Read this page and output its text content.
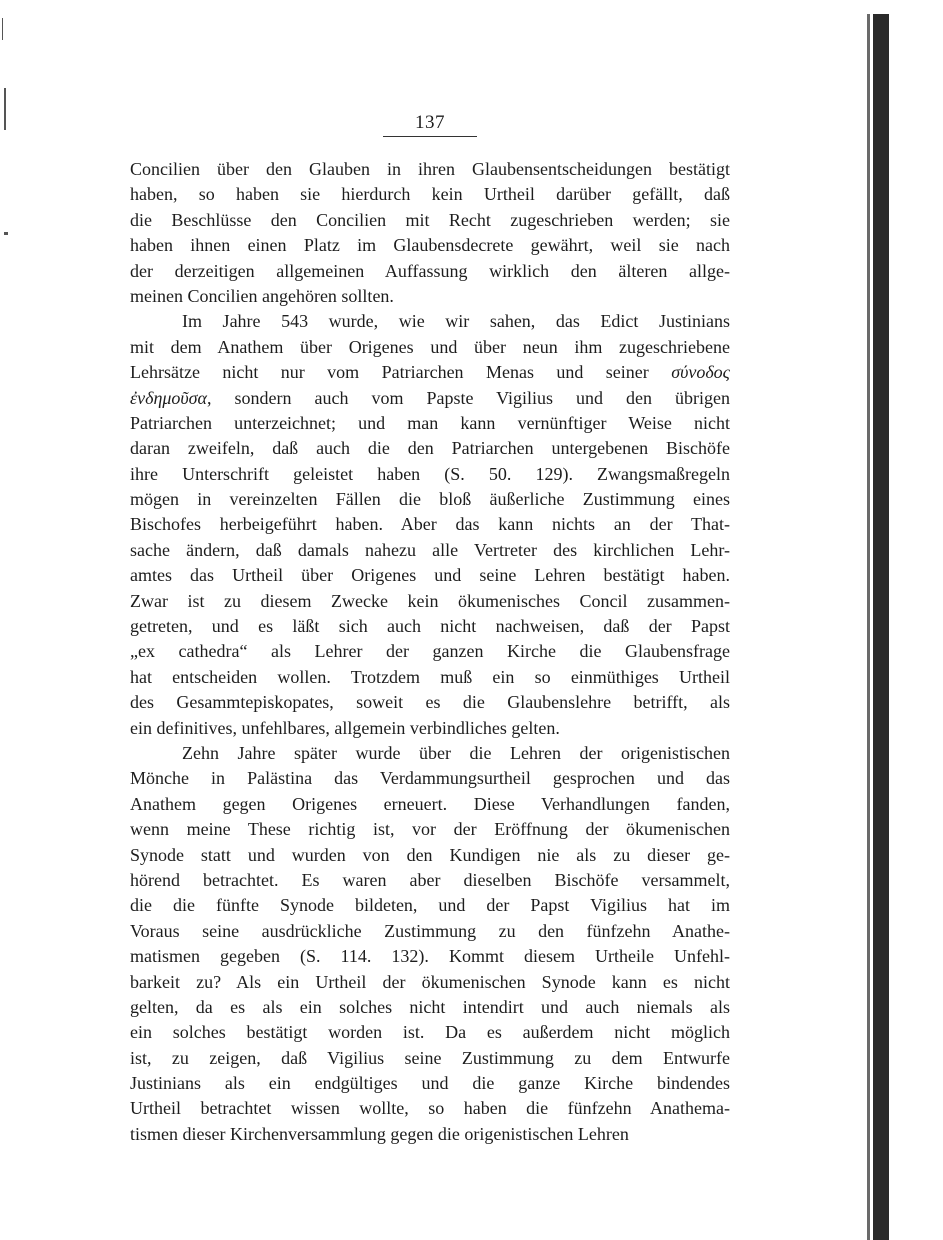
137
Concilien über den Glauben in ihren Glaubensentscheidungen bestätigt
haben, so haben sie hierdurch kein Urtheil darüber gefällt, daß
die Beschlüsse den Concilien mit Recht zugeschrieben werden; sie
haben ihnen einen Platz im Glaubensdecrete gewährt, weil sie nach
der derzeitigen allgemeinen Auffassung wirklich den älteren allge-
meinen Concilien angehören sollten.
Im Jahre 543 wurde, wie wir sahen, das Edict Justinians
mit dem Anathem über Origenes und über neun ihm zugeschriebene
Lehrsätze nicht nur vom Patriarchen Menas und seiner σύνοδος
ἐνδημοῦσα, sondern auch vom Papste Vigilius und den übrigen
Patriarchen unterzeichnet; und man kann vernünftiger Weise nicht
daran zweifeln, daß auch die den Patriarchen untergebenen Bischöfe
ihre Unterschrift geleistet haben (S. 50. 129). Zwangsmaßregeln
mögen in vereinzelten Fällen die bloß äußerliche Zustimmung eines
Bischofes herbeigeführt haben. Aber das kann nichts an der That-
sache ändern, daß damals nahezu alle Vertreter des kirchlichen Lehr-
amtes das Urtheil über Origenes und seine Lehren bestätigt haben.
Zwar ist zu diesem Zwecke kein ökumenisches Concil zusammen-
getreten, und es läßt sich auch nicht nachweisen, daß der Papst
„ex cathedra“ als Lehrer der ganzen Kirche die Glaubensfrage
hat entscheiden wollen. Trotzdem muß ein so einmüthiges Urtheil
des Gesammtepiskopates, soweit es die Glaubenslehre betrifft, als
ein definitives, unfehlbares, allgemein verbindliches gelten.
Zehn Jahre später wurde über die Lehren der origenistischen
Mönche in Palästina das Verdammungsurtheil gesprochen und das
Anathem gegen Origenes erneuert. Diese Verhandlungen fanden,
wenn meine These richtig ist, vor der Eröffnung der ökumenischen
Synode statt und wurden von den Kundigen nie als zu dieser ge-
hörend betrachtet. Es waren aber dieselben Bischöfe versammelt,
die die fünfte Synode bildeten, und der Papst Vigilius hat im
Voraus seine ausdrückliche Zustimmung zu den fünfzehn Anathe-
matismen gegeben (S. 114. 132). Kommt diesem Urtheile Unfehl-
barkeit zu? Als ein Urtheil der ökumenischen Synode kann es nicht
gelten, da es als ein solches nicht intendirt und auch niemals als
ein solches bestätigt worden ist. Da es außerdem nicht möglich
ist, zu zeigen, daß Vigilius seine Zustimmung zu dem Entwurfe
Justinians als ein endgültiges und die ganze Kirche bindendes
Urtheil betrachtet wissen wollte, so haben die fünfzehn Anathema-
tismen dieser Kirchenversammlung gegen die origenistischen Lehren
